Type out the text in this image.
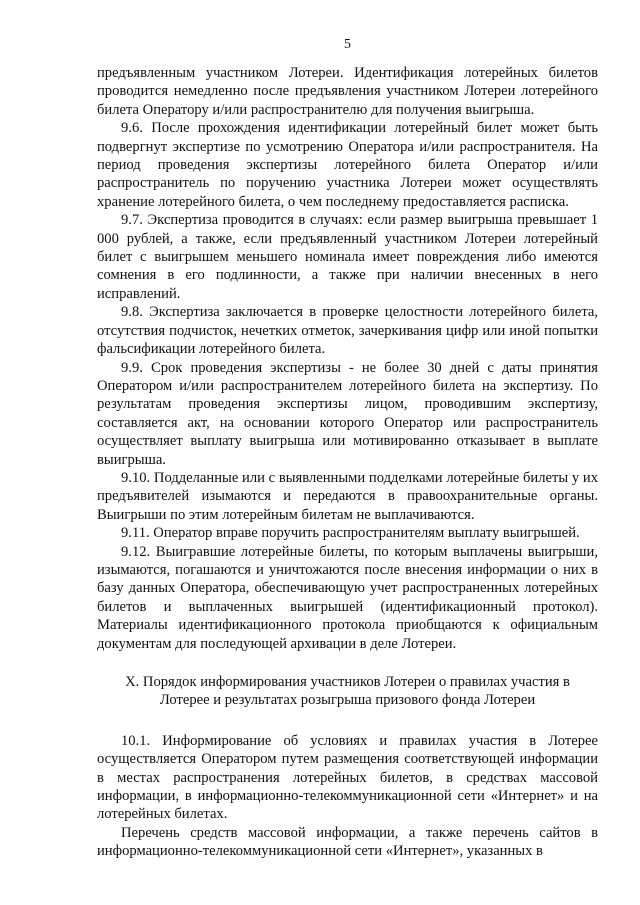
5

предъявленным участником Лотереи. Идентификация лотерейных билетов проводится немедленно после предъявления участником Лотереи лотерейного билета Оператору и/или распространителю для получения выигрыша.

9.6. После прохождения идентификации лотерейный билет может быть подвергнут экспертизе по усмотрению Оператора и/или распространителя. На период проведения экспертизы лотерейного билета Оператор и/или распространитель по поручению участника Лотереи может осуществлять хранение лотерейного билета, о чем последнему предоставляется расписка.

9.7. Экспертиза проводится в случаях: если размер выигрыша превышает 1 000 рублей, а также, если предъявленный участником Лотереи лотерейный билет с выигрышем меньшего номинала имеет повреждения либо имеются сомнения в его подлинности, а также при наличии внесенных в него исправлений.

9.8. Экспертиза заключается в проверке целостности лотерейного билета, отсутствия подчисток, нечетких отметок, зачеркивания цифр или иной попытки фальсификации лотерейного билета.

9.9. Срок проведения экспертизы - не более 30 дней с даты принятия Оператором и/или распространителем лотерейного билета на экспертизу. По результатам проведения экспертизы лицом, проводившим экспертизу, составляется акт, на основании которого Оператор или распространитель осуществляет выплату выигрыша или мотивированно отказывает в выплате выигрыша.

9.10. Подделанные или с выявленными подделками лотерейные билеты у их предъявителей изымаются и передаются в правоохранительные органы. Выигрыши по этим лотерейным билетам не выплачиваются.

9.11. Оператор вправе поручить распространителям выплату выигрышей.

9.12. Выигравшие лотерейные билеты, по которым выплачены выигрыши, изымаются, погашаются и уничтожаются после внесения информации о них в базу данных Оператора, обеспечивающую учет распространенных лотерейных билетов и выплаченных выигрышей (идентификационный протокол). Материалы идентификационного протокола приобщаются к официальным документам для последующей архивации в деле Лотереи.

X. Порядок информирования участников Лотереи о правилах участия в
Лотерее и результатах розыгрыша призового фонда Лотереи

10.1. Информирование об условиях и правилах участия в Лотерее осуществляется Оператором путем размещения соответствующей информации в местах распространения лотерейных билетов, в средствах массовой информации, в информационно-телекоммуникационной сети «Интернет» и на лотерейных билетах.

Перечень средств массовой информации, а также перечень сайтов в информационно-телекоммуникационной сети «Интернет», указанных в
